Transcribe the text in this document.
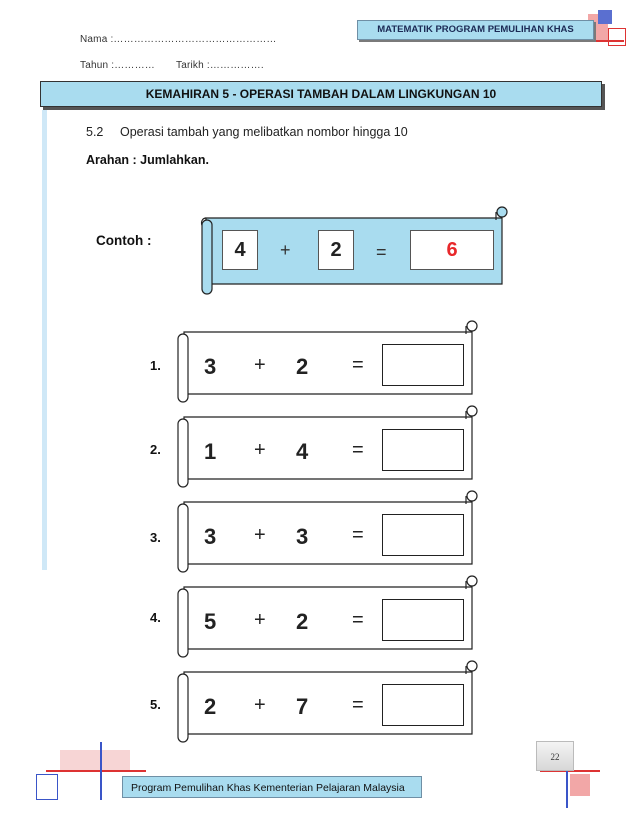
Nama :…………………………………………
Tahun :………… Tarikh :…………….
MATEMATIK PROGRAM PEMULIHAN KHAS
KEMAHIRAN 5 - OPERASI TAMBAH DALAM LINGKUNGAN 10
5.2 Operasi tambah yang melibatkan nombor hingga 10
Arahan : Jumlahkan.
Contoh :	4	+	2	=	6
1. 3 + 2 =
2. 1 + 4 =
3. 3 + 3 =
4. 5 + 2 =
5. 2 + 7 =
22
Program Pemulihan Khas Kementerian Pelajaran Malaysia
